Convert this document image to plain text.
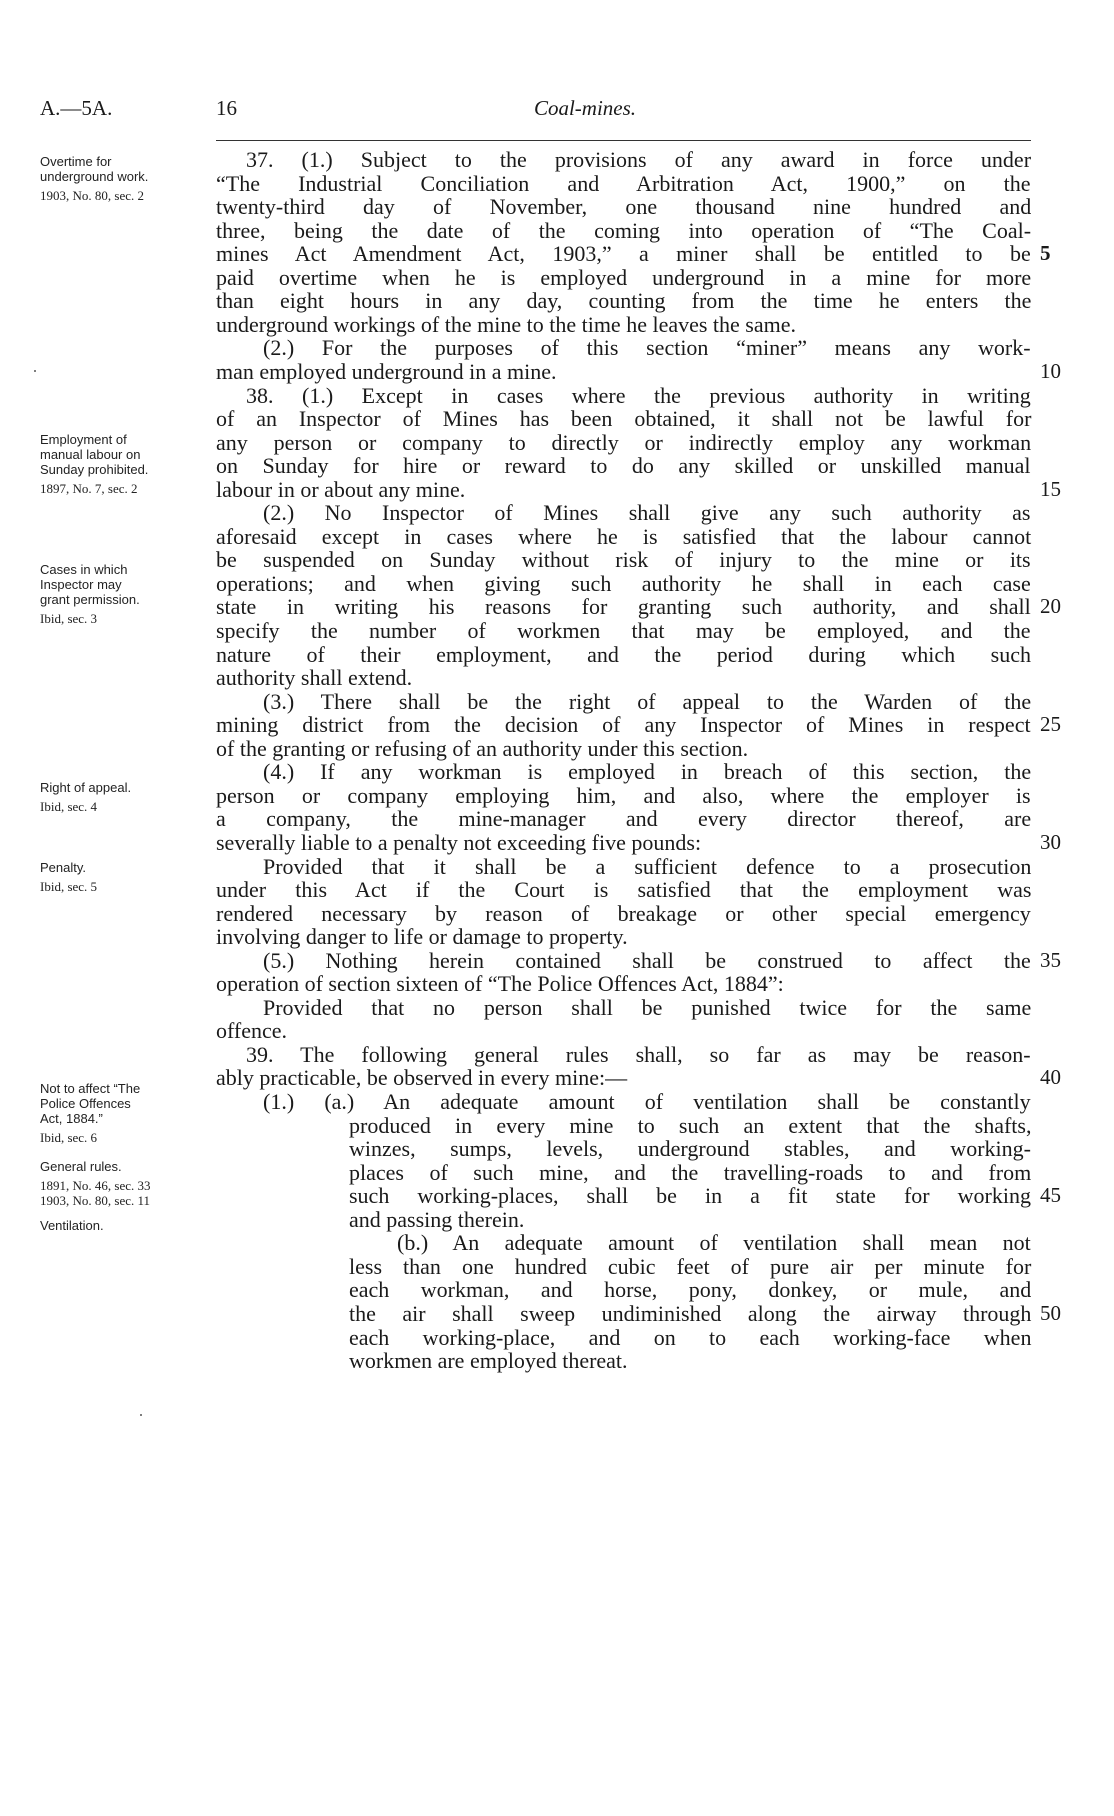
A.—5A.	16	Coal-mines.
Overtime for
underground work.
1903, No. 80, sec. 2
Employment of
manual labour on
Sunday prohibited.
1897, No. 7, sec. 2
Cases in which
Inspector may
grant permission.
Ibid, sec. 3
Right of appeal.
Ibid, sec. 4
Penalty.
Ibid, sec. 5
Not to affect “The
Police Offences
Act, 1884.”
Ibid, sec. 6
General rules.
1891, No. 46, sec. 33
1903, No. 80, sec. 11
Ventilation.
37. (1.) Subject to the provisions of any award in force under
“The Industrial Conciliation and Arbitration Act, 1900,” on the
twenty-third day of November, one thousand nine hundred and
three, being the date of the coming into operation of “The Coal-
mines Act Amendment Act, 1903,” a miner shall be entitled to be
paid overtime when he is employed underground in a mine for more
than eight hours in any day, counting from the time he enters the
underground workings of the mine to the time he leaves the same.
(2.) For the purposes of this section “miner” means any work-
man employed underground in a mine.
38. (1.) Except in cases where the previous authority in writing
of an Inspector of Mines has been obtained, it shall not be lawful for
any person or company to directly or indirectly employ any workman
on Sunday for hire or reward to do any skilled or unskilled manual
labour in or about any mine.
(2.) No Inspector of Mines shall give any such authority as
aforesaid except in cases where he is satisfied that the labour cannot
be suspended on Sunday without risk of injury to the mine or its
operations; and when giving such authority he shall in each case
state in writing his reasons for granting such authority, and shall
specify the number of workmen that may be employed, and the
nature of their employment, and the period during which such
authority shall extend.
(3.) There shall be the right of appeal to the Warden of the
mining district from the decision of any Inspector of Mines in respect
of the granting or refusing of an authority under this section.
(4.) If any workman is employed in breach of this section, the
person or company employing him, and also, where the employer is
a company, the mine-manager and every director thereof, are
severally liable to a penalty not exceeding five pounds:
Provided that it shall be a sufficient defence to a prosecution
under this Act if the Court is satisfied that the employment was
rendered necessary by reason of breakage or other special emergency
involving danger to life or damage to property.
(5.) Nothing herein contained shall be construed to affect the
operation of section sixteen of “The Police Offences Act, 1884”:
Provided that no person shall be punished twice for the same
offence.
39. The following general rules shall, so far as may be reason-
ably practicable, be observed in every mine:—
(1.) (a.) An adequate amount of ventilation shall be constantly
produced in every mine to such an extent that the shafts,
winzes, sumps, levels, underground stables, and working-
places of such mine, and the travelling-roads to and from
such working-places, shall be in a fit state for working
and passing therein.
(b.) An adequate amount of ventilation shall mean not
less than one hundred cubic feet of pure air per minute for
each workman, and horse, pony, donkey, or mule, and
the air shall sweep undiminished along the airway through
each working-place, and on to each working-face when
workmen are employed thereat.
5
10
15
20
25
30
35
40
45
50
